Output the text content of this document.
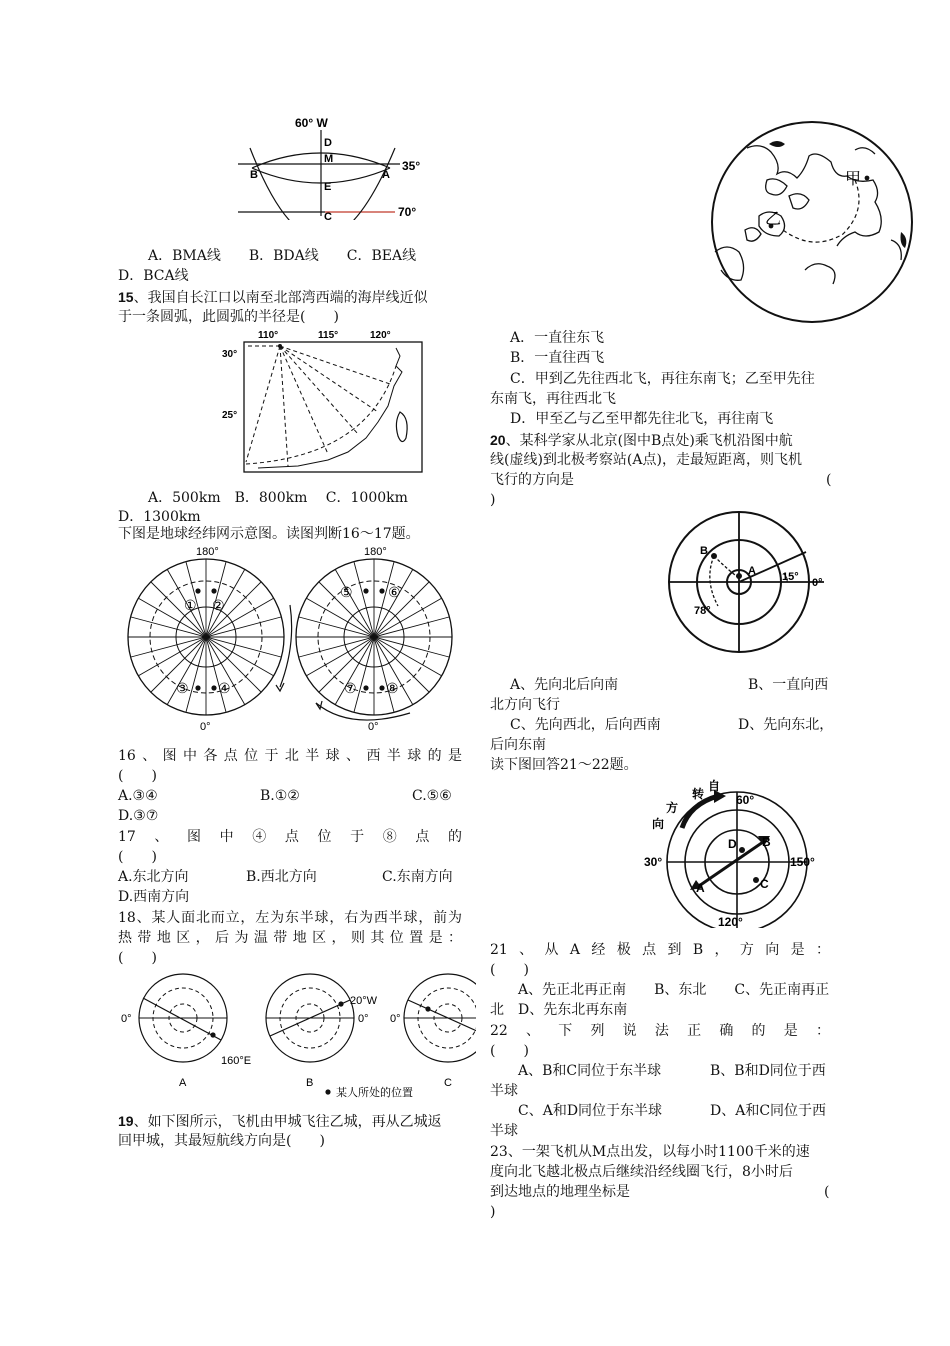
60° W
D
M
E
C
B	A
35°
70°
A．BMA线　　B．BDA线　　C．BEA线
D．BCA线
15、我国自长江口以南至北部湾西端的海岸线近似
于一条圆弧，此圆弧的半径是(　　)
110°	115°	120°
30°
25°
A．500km　B．800km　 C．1000km
D．1300km
下图是地球经纬网示意图。读图判断16～17题。
180°
0°
① ②
③ ④
180°
0°
⑤	⑥
⑦ ⑧
16、图中各点位于北半球、西半球的是
(　　)
A.③④	B.①②	C.⑤⑥
D.③⑦
17、图中④点位于⑧点的
(　　)
A.东北方向	B.西北方向	C.东南方向
D.西南方向
18、某人面北而立，左为东半球，右为西半球，前为
热带地区，后为温带地区，则其位置是：
(　　)
0°
160°E
A
20°W
0°
B
0°
C
某人所处的位置
19、如下图所示，飞机由甲城飞往乙城，再从乙城返
回甲城，其最短航线方向是(　　)
甲
乙
A．一直往东飞
B．一直往西飞
C．甲到乙先往西北飞，再往东南飞；乙至甲先往
东南飞，再往西北飞
D．甲至乙与乙至甲都先往北飞，再往南飞
20、某科学家从北京(图中B点处)乘飞机沿图中航
线(虚线)到北极考察站(A点)，走最短距离，则飞机
飞行的方向是	(
)
B
A 15° 0°
78°
A、先向北后向南	B、一直向西
北方向飞行
C、先向西北，后向西南	D、先向东北，
后向东南
读下图回答21～22题。
转
自
方
向
60°
30°	150°
120°
A
B
C
D
21、从A经极点到B，方向是：
(　　)
A、先正北再正南　　B、东北　　C、先正南再正
北　D、先东北再东南
22、下列说法正确的是：
(　　)
A、B和C同位于东半球	B、B和D同位于西
半球
C、A和D同位于东半球	D、A和C同位于西
半球
23、一架飞机从M点出发，以每小时1100千米的速
度向北飞越北极点后继续沿经线圈飞行，8小时后
到达地点的地理坐标是	(
)
